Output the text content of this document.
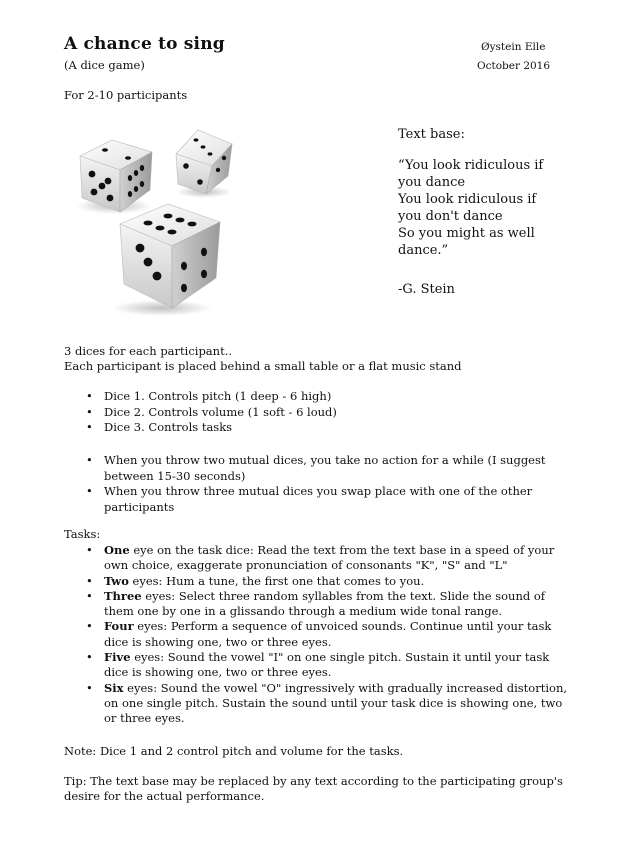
A chance to sing
(A dice game)
Øystein Elle
October 2016
For 2-10 participants
Text base:
“You look ridiculous if
you dance
You look ridiculous if
you don't dance
So you might as well
dance.”
-G. Stein
3 dices for each participant..
Each participant is placed behind a small table or a flat music stand
• Dice 1. Controls pitch (1 deep - 6 high)
• Dice 2. Controls volume (1 soft - 6 loud)
• Dice 3. Controls tasks
• When you throw two mutual dices, you take no action for a while (I suggest between 15-30 seconds)
• When you throw three mutual dices you swap place with one of the other participants
Tasks:
• One eye on the task dice: Read the text from the text base in a speed of your own choice, exaggerate pronunciation of consonants "K", "S" and "L"
• Two eyes: Hum a tune, the first one that comes to you.
• Three eyes: Select three random syllables from the text. Slide the sound of them one by one in a glissando through a medium wide tonal range.
• Four eyes: Perform a sequence of unvoiced sounds. Continue until your task dice is showing one, two or three eyes.
• Five eyes: Sound the vowel "I" on one single pitch. Sustain it until your task dice is showing one, two or three eyes.
• Six eyes: Sound the vowel "O" ingressively with gradually increased distortion, on one single pitch. Sustain the sound until your task dice is showing one, two or three eyes.
Note: Dice 1 and 2 control pitch and volume for the tasks.
Tip: The text base may be replaced by any text according to the participating group's desire for the actual performance.
